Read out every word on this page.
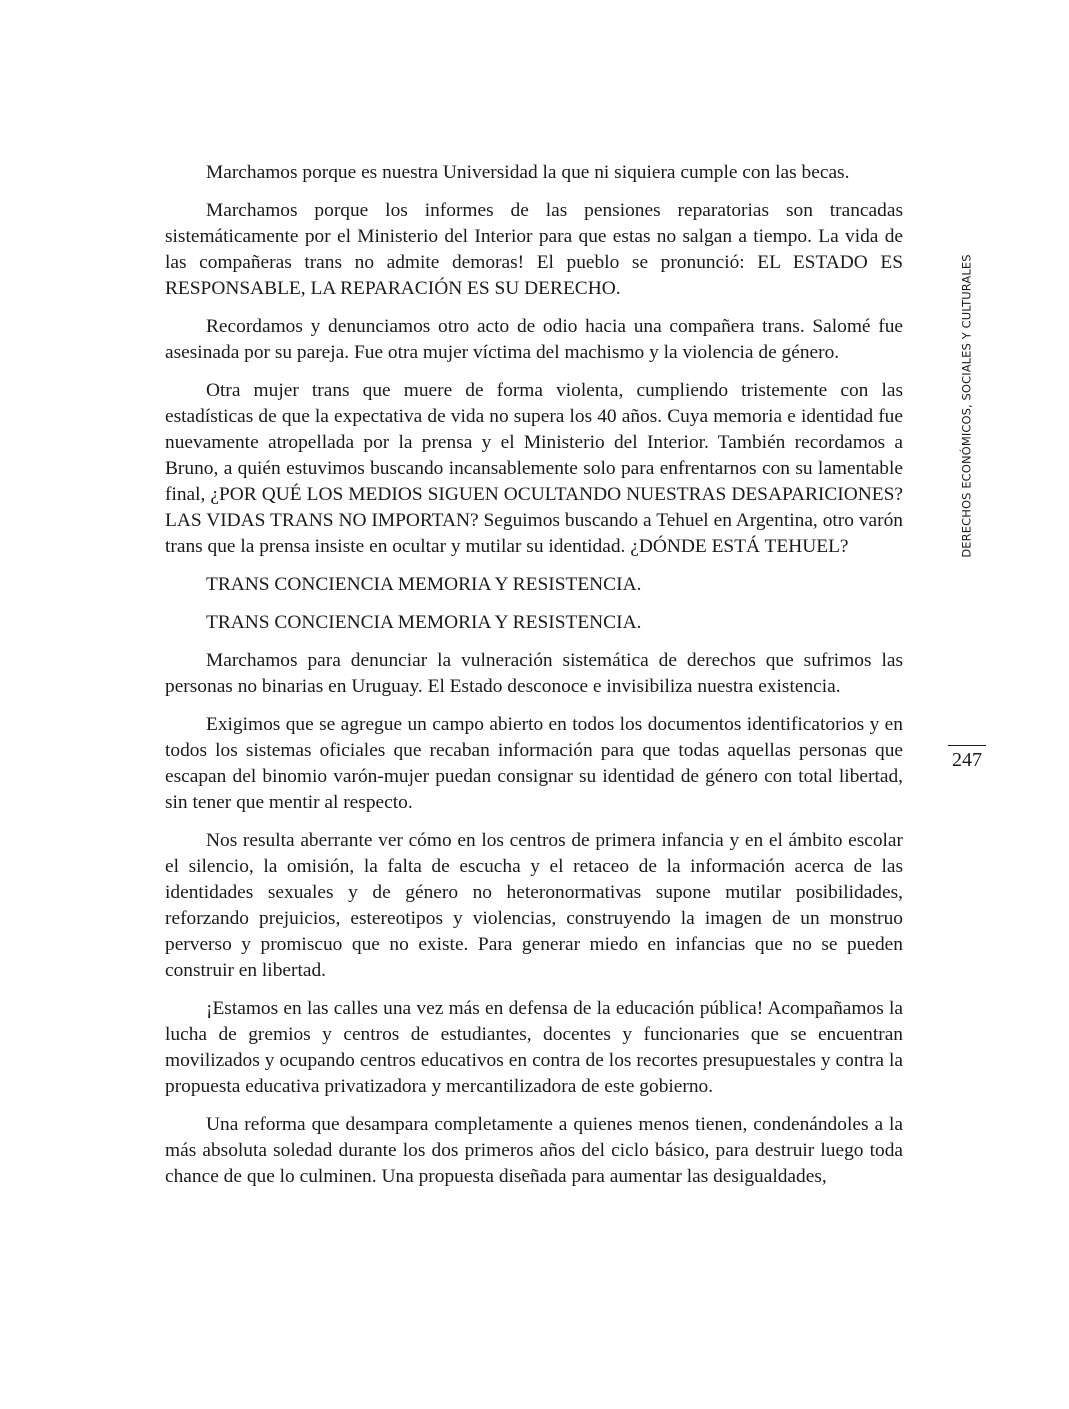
Marchamos porque es nuestra Universidad la que ni siquiera cumple con las becas.

Marchamos porque los informes de las pensiones reparatorias son trancadas sistemáticamente por el Ministerio del Interior para que estas no salgan a tiempo. La vida de las compañeras trans no admite demoras! El pueblo se pronunció: EL ESTADO ES RESPONSABLE, LA REPARACIÓN ES SU DERECHO.

Recordamos y denunciamos otro acto de odio hacia una compañera trans. Salomé fue asesinada por su pareja. Fue otra mujer víctima del machismo y la violencia de género.

Otra mujer trans que muere de forma violenta, cumpliendo tristemente con las estadísticas de que la expectativa de vida no supera los 40 años. Cuya memoria e identidad fue nuevamente atropellada por la prensa y el Ministerio del Interior. También recordamos a Bruno, a quién estuvimos buscando incansablemente solo para enfrentarnos con su lamentable final, ¿POR QUÉ LOS MEDIOS SIGUEN OCULTANDO NUESTRAS DESAPARICIONES? LAS VIDAS TRANS NO IMPORTAN? Seguimos buscando a Tehuel en Argentina, otro varón trans que la prensa insiste en ocultar y mutilar su identidad. ¿DÓNDE ESTÁ TEHUEL?

TRANS CONCIENCIA MEMORIA Y RESISTENCIA.

TRANS CONCIENCIA MEMORIA Y RESISTENCIA.

Marchamos para denunciar la vulneración sistemática de derechos que sufrimos las personas no binarias en Uruguay. El Estado desconoce e invisibiliza nuestra existencia.

Exigimos que se agregue un campo abierto en todos los documentos identificatorios y en todos los sistemas oficiales que recaban información para que todas aquellas personas que escapan del binomio varón-mujer puedan consignar su identidad de género con total libertad, sin tener que mentir al respecto.

Nos resulta aberrante ver cómo en los centros de primera infancia y en el ámbito escolar el silencio, la omisión, la falta de escucha y el retaceo de la información acerca de las identidades sexuales y de género no heteronormativas supone mutilar posibilidades, reforzando prejuicios, estereotipos y violencias, construyendo la imagen de un monstruo perverso y promiscuo que no existe. Para generar miedo en infancias que no se pueden construir en libertad.

¡Estamos en las calles una vez más en defensa de la educación pública! Acompañamos la lucha de gremios y centros de estudiantes, docentes y funcionaries que se encuentran movilizados y ocupando centros educativos en contra de los recortes presupuestales y contra la propuesta educativa privatizadora y mercantilizadora de este gobierno.

Una reforma que desampara completamente a quienes menos tienen, condenándoles a la más absoluta soledad durante los dos primeros años del ciclo básico, para destruir luego toda chance de que lo culminen. Una propuesta diseñada para aumentar las desigualdades,

DERECHOS ECONÓMICOS, SOCIALES Y CULTURALES
247
